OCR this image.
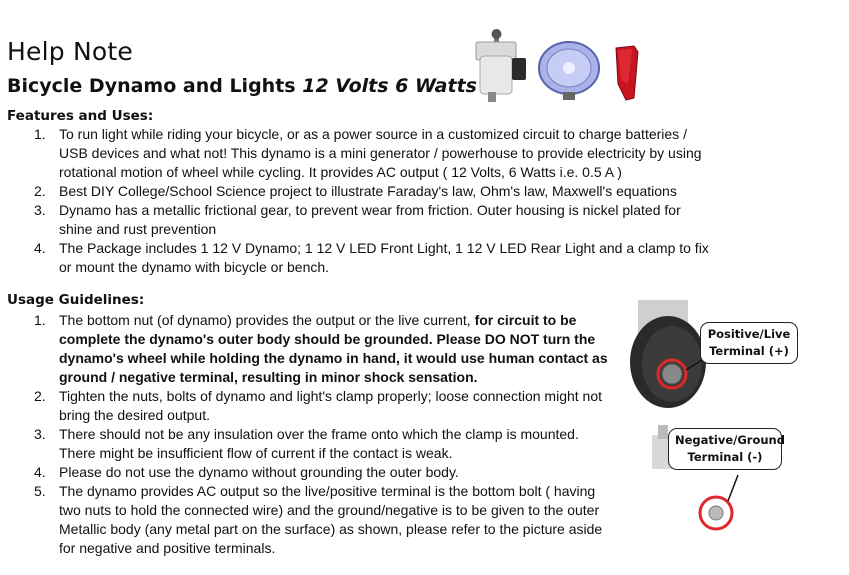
Help Note
Bicycle Dynamo and Lights 12 Volts 6 Watts
Features and Uses:
1. To run light while riding your bicycle, or as a power source in a customized circuit to charge batteries / USB devices and what not! This dynamo is a mini generator / powerhouse to provide electricity by using rotational motion of wheel while cycling. It provides AC output ( 12 Volts, 6 Watts i.e. 0.5 A )
2. Best DIY College/School Science project to illustrate Faraday's law, Ohm's law, Maxwell's equations
3. Dynamo has a metallic frictional gear, to prevent wear from friction. Outer housing is nickel plated for shine and rust prevention
4. The Package includes 1 12 V Dynamo; 1 12 V LED Front Light, 1 12 V LED Rear Light and a clamp to fix or mount the dynamo with bicycle or bench.
Usage Guidelines:
1. The bottom nut (of dynamo) provides the output or the live current, for circuit to be complete the dynamo's outer body should be grounded. Please DO NOT turn the dynamo's wheel while holding the dynamo in hand, it would use human contact as ground / negative terminal, resulting in minor shock sensation.
2. Tighten the nuts, bolts of dynamo and light's clamp properly; loose connection might not bring the desired output.
3. There should not be any insulation over the frame onto which the clamp is mounted. There might be insufficient flow of current if the contact is weak.
4. Please do not use the dynamo without grounding the outer body.
5. The dynamo provides AC output so the live/positive terminal is the bottom bolt ( having two nuts to hold the connected wire) and the ground/negative is to be given to the outer Metallic body (any metal part on the surface) as shown, please refer to the picture aside for negative and positive terminals.
Positive/Live
Terminal (+)
Negative/Ground
Terminal (-)
